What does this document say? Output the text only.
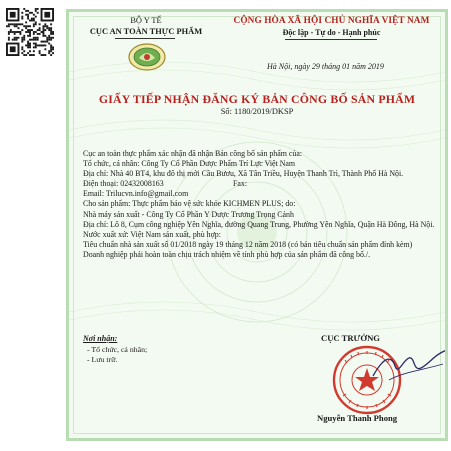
BỘ Y TẾ
CỤC AN TOÀN THỰC PHẨM
CỘNG HÒA XÃ HỘI CHỦ NGHĨA VIỆT NAM
Độc lập - Tự do - Hạnh phúc
Hà Nội, ngày 29 tháng 01 năm 2019
GIẤY TIẾP NHẬN ĐĂNG KÝ BẢN CÔNG BỐ SẢN PHẨM
Số: 1180/2019/DKSP

Cục an toàn thực phẩm xác nhận đã nhận Bản công bố sản phẩm của:

Tổ chức, cá nhân: Công Ty Cổ Phần Dược Phẩm Trí Lực Việt Nam

Địa chỉ: Nhà 40 BT4, khu đô thị mới Cầu Bươu, Xã Tân Triều, Huyện Thanh Trì, Thành Phố Hà Nội.

Điện thoại: 02432008163	Fax:

Email: Trilucvn.info@gmail.com

Cho sản phẩm: Thực phẩm bảo vệ sức khỏe KICHMEN PLUS; do:

Nhà máy sản xuất - Công Ty Cổ Phần Y Dược Trương Trọng Cảnh

Địa chỉ: Lô 8, Cụm công nghiệp Yên Nghĩa, đường Quang Trung, Phường Yên Nghĩa, Quận Hà Đông, Hà Nội.

Nước xuất xứ: Việt Nam sản xuất, phù hợp:

Tiêu chuẩn nhà sản xuất số 01/2018 ngày 19 tháng 12 năm 2018 (có bản tiêu chuẩn sản phẩm đính kèm)

Doanh nghiệp phải hoàn toàn chịu trách nhiệm về tính phù hợp của sản phẩm đã công bố./.

Nơi nhận:
- Tổ chức, cá nhân;
- Lưu trữ.
CỤC TRƯỞNG
Nguyễn Thanh Phong
